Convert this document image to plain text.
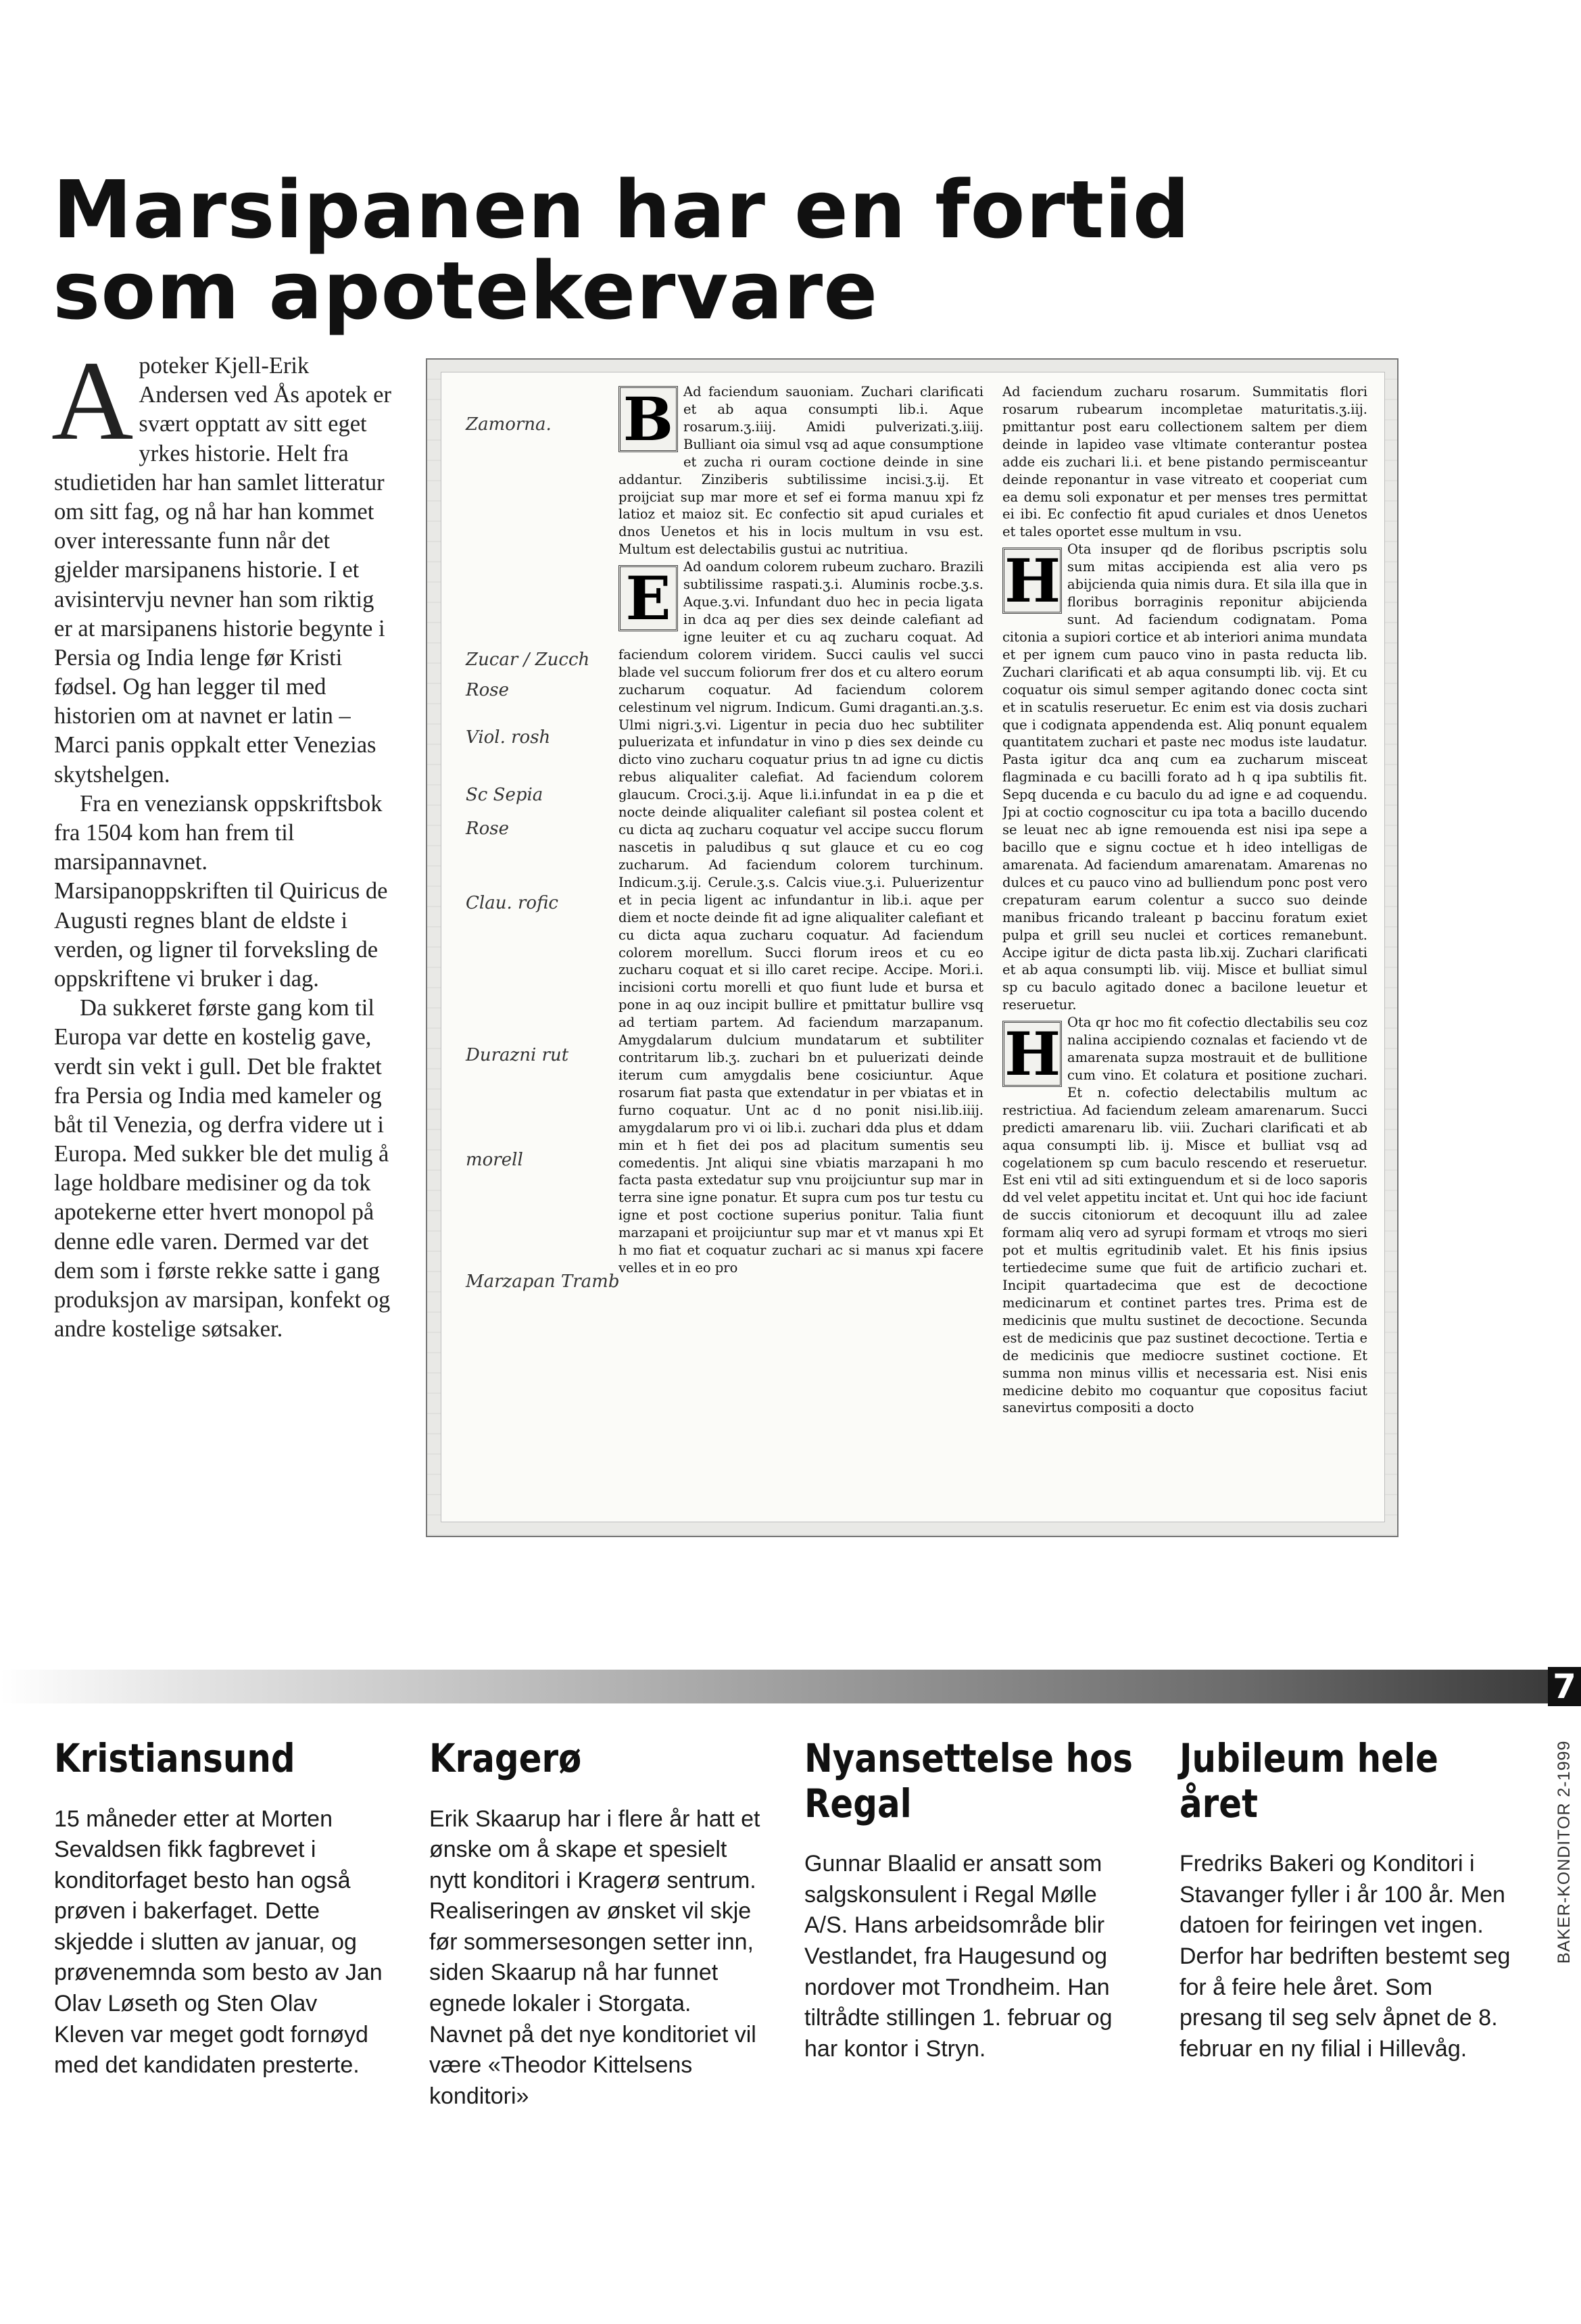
Marsipanen har en fortid
som apotekervare

Apoteker Kjell-Erik Andersen ved Ås apotek er svært opptatt av sitt eget yrkes historie. Helt fra studietiden har han samlet litteratur om sitt fag, og nå har han kommet over interessante funn når det gjelder marsipanens historie. I et avisintervju nevner han som riktig er at marsipanens historie begynte i Persia og India lenge før Kristi fødsel. Og han legger til med historien om at navnet er latin – Marci panis oppkalt etter Venezias skytshelgen.

Fra en veneziansk oppskriftsbok fra 1504 kom han frem til marsipannavnet. Marsipanoppskriften til Quiricus de Augusti regnes blant de eldste i verden, og ligner til forveksling de oppskriftene vi bruker i dag.

Da sukkeret første gang kom til Europa var dette en kostelig gave, verdt sin vekt i gull. Det ble fraktet fra Persia og India med kameler og båt til Venezia, og derfra videre ut i Europa. Med sukker ble det mulig å lage holdbare medisiner og da tok apotekerne etter hvert monopol på denne edle varen. Dermed var det dem som i første rekke satte i gang produksjon av marsipan, konfekt og andre kostelige søtsaker.

Zamorna.
Zucar / Zucch
Rose
Viol. rosh
Sc Sepia
Rose
Clau. rofic
Durazni rut
morell
Marzapan Tramb
B Ad faciendum sauoniam. Zuchari clarificati et ab aqua consumpti lib.i. Aque rosarum.ʒ.iiij. Amidi pulverizati.ʒ.iiij. Bulliant oia simul vsq ad aque consumptione et zucha ri ouram coctione deinde in sine addantur. Zinziberis subtilissime incisi.ʒ.ij. Et proijciat sup mar more et sef ei forma manuu xpi fz latioz et maioz sit. Ec confectio sit apud curiales et dnos Uenetos et his in locis multum in vsu est. Multum est delectabilis gustui ac nutritiua.

E Ad oandum colorem rubeum zucharo. Brazili subtilissime raspati.ʒ.i. Aluminis rocbe.ʒ.s. Aque.ʒ.vi. Infundant duo hec in pecia ligata in dca aq per dies sex deinde calefiant ad igne leuiter et cu aq zucharu coquat. Ad faciendum colorem viridem. Succi caulis vel succi blade vel succum foliorum frer dos et cu altero eorum zucharum coquatur. Ad faciendum colorem celestinum vel nigrum. Indicum. Gumi draganti.an.ʒ.s. Ulmi nigri.ʒ.vi. Ligentur in pecia duo hec subtiliter puluerizata et infundatur in vino p dies sex deinde cu dicto vino zucharu coquatur prius tn ad igne cu dictis rebus aliqualiter calefiat. Ad faciendum colorem glaucum. Croci.ʒ.ij. Aque li.i.infundat in ea p die et nocte deinde aliqualiter calefiant sil postea colent et cu dicta aq zucharu coquatur vel accipe succu florum nascetis in paludibus q sut glauce et cu eo cog zucharum. Ad faciendum colorem turchinum. Indicum.ʒ.ij. Cerule.ʒ.s. Calcis viue.ʒ.i. Puluerizentur et in pecia ligent ac infundantur in lib.i. aque per diem et nocte deinde fit ad igne aliqualiter calefiant et cu dicta aqua zucharu coquatur. Ad faciendum colorem morellum. Succi florum ireos et cu eo zucharu coquat et si illo caret recipe. Accipe. Mori.i. incisioni cortu morelli et quo fiunt lude et bursa et pone in aq ouz incipit bullire et pmittatur bullire vsq ad tertiam partem. Ad faciendum marzapanum. Amygdalarum dulcium mundatarum et subtiliter contritarum lib.ʒ. zuchari bn et puluerizati deinde iterum cum amygdalis bene cosiciuntur. Aque rosarum fiat pasta que extendatur in per vbiatas et in furno coquatur. Unt ac d no ponit nisi.lib.iiij. amygdalarum pro vi oi lib.i. zuchari dda plus et ddam min et h fiet dei pos ad placitum sumentis seu comedentis. Jnt aliqui sine vbiatis marzapani h mo facta pasta extedatur sup vnu proijciuntur sup mar in terra sine igne ponatur. Et supra cum pos tur testu cu igne et post coctione superius ponitur. Talia fiunt marzapani et proijciuntur sup mar et vt manus xpi Et h mo fiat et coquatur zuchari ac si manus xpi facere velles et in eo pro
Ad faciendum zucharu rosarum. Summitatis flori rosarum rubearum incompletae maturitatis.ʒ.iij. pmittantur post earu collectionem saltem per diem deinde in lapideo vase vltimate conterantur postea adde eis zuchari li.i. et bene pistando permisceantur deinde reponantur in vase vitreato et cooperiat cum ea demu soli exponatur et per menses tres permittat ei ibi. Ec confectio fit apud curiales et dnos Uenetos et tales oportet esse multum in vsu.

H Ota insuper qd de floribus pscriptis solu sum mitas accipienda est alia vero ps abijcienda quia nimis dura. Et sila illa que in floribus borraginis reponitur abijcienda sunt. Ad faciendum codignatam. Poma citonia a supiori cortice et ab interiori anima mundata et per ignem cum pauco vino in pasta reducta lib. Zuchari clarificati et ab aqua consumpti lib. vij. Et cu coquatur ois simul semper agitando donec cocta sint et in scatulis reseruetur. Ec enim est via dosis zuchari que i codignata appendenda est. Aliq ponunt equalem quantitatem zuchari et paste nec modus iste laudatur. Pasta igitur dca anq cum ea zucharum misceat flagminada e cu bacilli forato ad h q ipa subtilis fit. Sepq ducenda e cu baculo du ad igne e ad coquendu. Jpi at coctio cognoscitur cu ipa tota a bacillo ducendo se leuat nec ab igne remouenda est nisi ipa sepe a bacillo que e signu coctue et h ideo intelligas de amarenata. Ad faciendum amarenatam. Amarenas no dulces et cu pauco vino ad bulliendum ponc post vero crepaturam earum colentur a succo suo deinde manibus fricando traleant p baccinu foratum exiet pulpa et grill seu nuclei et cortices remanebunt. Accipe igitur de dicta pasta lib.xij. Zuchari clarificati et ab aqua consumpti lib. viij. Misce et bulliat simul sp cu baculo agitado donec a bacilone leuetur et reseruetur.

H Ota qr hoc mo fit cofectio dlectabilis seu coz nalina accipiendo coznalas et faciendo vt de amarenata supza mostrauit et de bullitione cum vino. Et colatura et positione zuchari. Et n. cofectio delectabilis multum ac restrictiua. Ad faciendum zeleam amarenarum. Succi predicti amarenaru lib. viii. Zuchari clarificati et ab aqua consumpti lib. ij. Misce et bulliat vsq ad cogelationem sp cum baculo rescendo et reseruetur. Est eni vtil ad siti extinguendum et si de loco saporis dd vel velet appetitu incitat et. Unt qui hoc ide faciunt de succis citoniorum et decoquunt illu ad zalee formam aliq vero ad syrupi formam et vtroqs mo sieri pot et multis egritudinib valet. Et his finis ipsius tertiedecime sume que fuit de artificio zuchari et. Incipit quartadecima que est de decoctione medicinarum et continet partes tres. Prima est de medicinis que multu sustinet de decoctione. Secunda est de medicinis que paz sustinet decoctione. Tertia e de medicinis que mediocre sustinet coctione. Et summa non minus villis et necessaria est. Nisi enis medicine debito mo coquantur que copositus faciut sanevirtus compositi a docto
7
BAKER-KONDITOR 2-1999
Kristiansund

15 måneder etter at Morten Sevaldsen fikk fagbrevet i konditorfaget besto han også prøven i bakerfaget. Dette skjedde i slutten av januar, og prøvenemnda som besto av Jan Olav Løseth og Sten Olav Kleven var meget godt fornøyd med det kandidaten presterte.

Kragerø

Erik Skaarup har i flere år hatt et ønske om å skape et spesielt nytt konditori i Kragerø sentrum. Realiseringen av ønsket vil skje før sommersesongen setter inn, siden Skaarup nå har funnet egnede lokaler i Storgata. Navnet på det nye konditoriet vil være «Theodor Kittelsens konditori»

Nyansettelse hos Regal

Gunnar Blaalid er ansatt som salgskonsulent i Regal Mølle A/S. Hans arbeidsområde blir Vestlandet, fra Haugesund og nordover mot Trondheim. Han tiltrådte stillingen 1. februar og har kontor i Stryn.

Jubileum hele året

Fredriks Bakeri og Konditori i Stavanger fyller i år 100 år. Men datoen for feiringen vet ingen. Derfor har bedriften bestemt seg for å feire hele året. Som presang til seg selv åpnet de 8. februar en ny filial i Hillevåg.
